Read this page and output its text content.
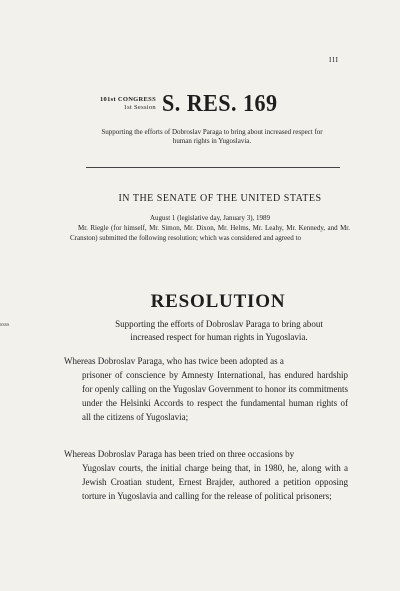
III
ssss
101st CONGRESS
1st Session S. RES. 169
Supporting the efforts of Dobroslav Paraga to bring about increased respect for
human rights in Yugoslavia.
IN THE SENATE OF THE UNITED STATES
August 1 (legislative day, January 3), 1989
Mr. Riegle (for himself, Mr. Simon, Mr. Dixon, Mr. Helms, Mr. Leahy, Mr. Kennedy, and Mr. Cranston) submitted the following resolution; which was considered and agreed to
RESOLUTION
Supporting the efforts of Dobroslav Paraga to bring about
increased respect for human rights in Yugoslavia.
Whereas Dobroslav Paraga, who has twice been adopted as a
prisoner of conscience by Amnesty International, has endured hardship for openly calling on the Yugoslav Government to honor its commitments under the Helsinki Accords to respect the fundamental human rights of all the citizens of Yugoslavia;
Whereas Dobroslav Paraga has been tried on three occasions by
Yugoslav courts, the initial charge being that, in 1980, he, along with a Jewish Croatian student, Ernest Brajder, authored a petition opposing torture in Yugoslavia and calling for the release of political prisoners;
